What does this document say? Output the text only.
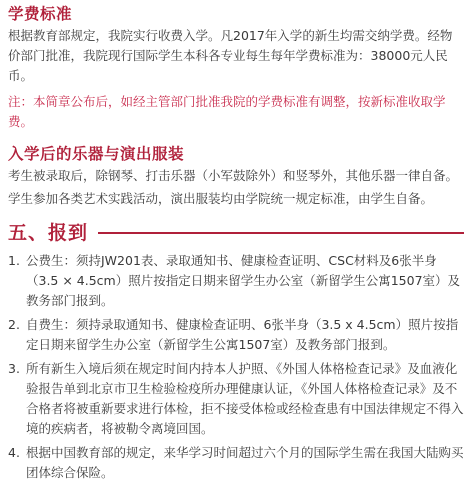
学费标准
根据教育部规定，我院实行收费入学。凡2017年入学的新生均需交纳学费。经物价部门批准，我院现行国际学生本科各专业每生每年学费标准为：38000元人民币。
注：本简章公布后，如经主管部门批准我院的学费标准有调整，按新标准收取学费。
入学后的乐器与演出服装
考生被录取后，除钢琴、打击乐器（小军鼓除外）和竖琴外，其他乐器一律自备。
学生参加各类艺术实践活动，演出服装均由学院统一规定标准，由学生自备。
五、报到
1. 公费生：须持JW201表、录取通知书、健康检查证明、CSC材料及6张半身（3.5 × 4.5cm）照片按指定日期来留学生办公室（新留学生公寓1507室）及教务部门报到。
2. 自费生：须持录取通知书、健康检查证明、6张半身（3.5 x 4.5cm）照片按指定日期来留学生办公室（新留学生公寓1507室）及教务部门报到。
3. 所有新生入境后须在规定时间内持本人护照、《外国人体格检查记录》及血液化验报告单到北京市卫生检验检疫所办理健康认证，《外国人体格检查记录》及不合格者将被重新要求进行体检，拒不接受体检或经检查患有中国法律规定不得入境的疾病者，将被勒令离境回国。
4. 根据中国教育部的规定，来华学习时间超过六个月的国际学生需在我国大陆购买团体综合保险。
